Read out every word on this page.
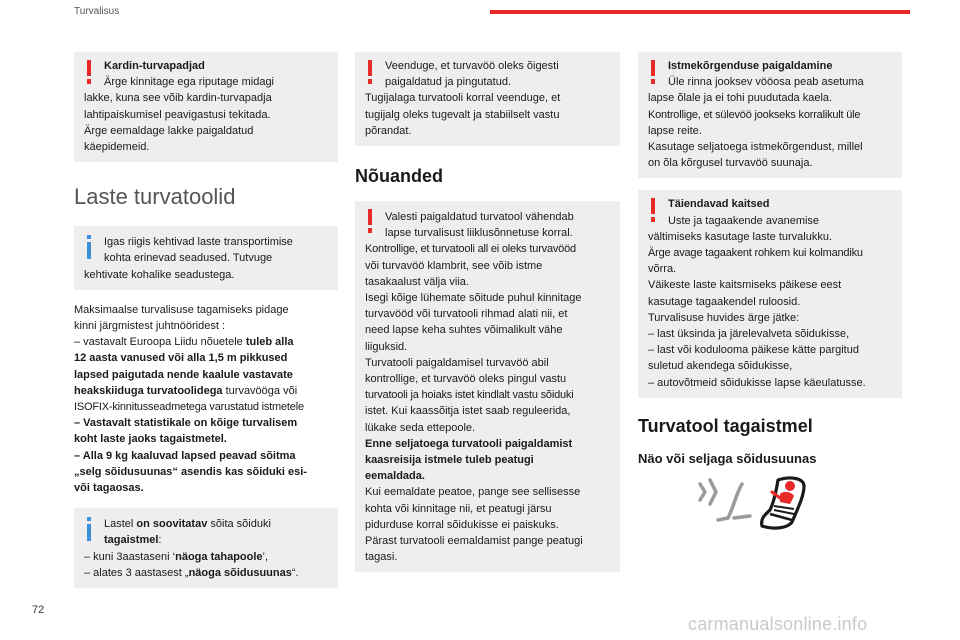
Turvalisus
Kardin-turvapadjad
Ärge kinnitage ega riputage midagi
lakke, kuna see võib kardin-turvapadja
lahtipaiskumisel peavigastusi tekitada.
Ärge eemaldage lakke paigaldatud
käepidemeid.
Laste turvatoolid
Igas riigis kehtivad laste transportimise
kohta erinevad seadused. Tutvuge
kehtivate kohalike seadustega.
Maksimaalse turvalisuse tagamiseks pidage
kinni järgmistest juhtnööridest :
– vastavalt Euroopa Liidu nõuetele tuleb alla
12 aasta vanused või alla 1,5 m pikkused
lapsed paigutada nende kaalule vastavate
heakskiiduga turvatoolidega turvavööga või
ISOFIX-kinnitusseadmetega varustatud istmetele
– Vastavalt statistikale on kõige turvalisem
koht laste jaoks tagaistmetel.
– Alla 9 kg kaaluvad lapsed peavad sõitma
„selg sõidusuunas“ asendis kas sõiduki esi-
või tagaosas.
Lastel on soovitatav sõita sõiduki
tagaistmel:
– kuni 3aastaseni ‘näoga tahapoole’,
– alates 3 aastasest „näoga sõidusuunas“.
Veenduge, et turvavöö oleks õigesti
paigaldatud ja pingutatud.
Tugijalaga turvatooli korral veenduge, et
tugijalg oleks tugevalt ja stabiilselt vastu
põrandat.
Nõuanded
Valesti paigaldatud turvatool vähendab
lapse turvalisust liiklusõnnetuse korral.
Kontrollige, et turvatooli all ei oleks turvavööd
või turvavöö klambrit, see võib istme
tasakaalust välja viia.
Isegi kõige lühemate sõitude puhul kinnitage
turvavööd või turvatooli rihmad alati nii, et
need lapse keha suhtes võimalikult vähe
liiguksid.
Turvatooli paigaldamisel turvavöö abil
kontrollige, et turvavöö oleks pingul vastu
turvatooli ja hoiaks istet kindlalt vastu sõiduki
istet. Kui kaassõitja istet saab reguleerida,
lükake seda ettepoole.
Enne seljatoega turvatooli paigaldamist
kaasreisija istmele tuleb peatugi
eemaldada.
Kui eemaldate peatoe, pange see sellisesse
kohta või kinnitage nii, et peatugi järsu
pidurduse korral sõidukisse ei paiskuks.
Pärast turvatooli eemaldamist pange peatugi
tagasi.
Istmekõrgenduse paigaldamine
Üle rinna jooksev vööosa peab asetuma
lapse õlale ja ei tohi puudutada kaela.
Kontrollige, et sülevöö jookseks korralikult üle
lapse reite.
Kasutage seljatoega istmekõrgendust, millel
on õla kõrgusel turvavöö suunaja.
Täiendavad kaitsed
Uste ja tagaakende avanemise
vältimiseks kasutage laste turvalukku.
Ärge avage tagaakent rohkem kui kolmandiku
võrra.
Väikeste laste kaitsmiseks päikese eest
kasutage tagaakendel ruloosid.
Turvalisuse huvides ärge jätke:
– last üksinda ja järelevalveta sõidukisse,
– last või kodulooma päikese kätte pargitud
suletud akendega sõidukisse,
– autovõtmeid sõidukisse lapse käeulatusse.
Turvatool tagaistmel
Näo või seljaga sõidusuunas
72
carmanualsonline.info
